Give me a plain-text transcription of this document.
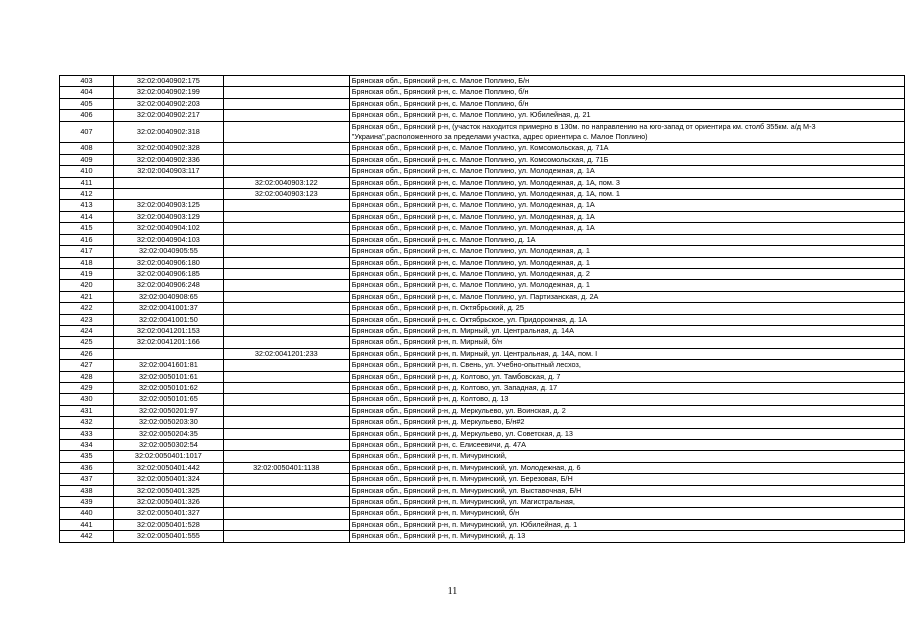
403	32:02:0040902:175		Брянская обл., Брянский р-н, с. Малое Поплино, Б/н
404	32:02:0040902:199		Брянская обл., Брянский р-н, с. Малое Поплино, б/н
405	32:02:0040902:203		Брянская обл., Брянский р-н, с. Малое Поплино, б/н
406	32:02:0040902:217		Брянская обл., Брянский р-н, с. Малое Поплино, ул. Юбилейная, д. 21
407	32:02:0040902:318		Брянская обл., Брянский р-н, (участок находится примерно в 130м. по направлению на юго-запад от ориентира км. столб 355км. а/д М-3 "Украина",расположенного за пределами участка, адрес ориентира с. Малое Поплино)
408	32:02:0040902:328		Брянская обл., Брянский р-н, с. Малое Поплино, ул. Комсомольская, д. 71А
409	32:02:0040902:336		Брянская обл., Брянский р-н, с. Малое Поплино, ул. Комсомольская, д. 71Б
410	32:02:0040903:117		Брянская обл., Брянский р-н, с. Малое Поплино, ул. Молодежная, д. 1А
411		32:02:0040903:122	Брянская обл., Брянский р-н, с. Малое Поплино, ул. Молодежная, д. 1А, пом. 3
412		32:02:0040903:123	Брянская обл., Брянский р-н, с. Малое Поплино, ул. Молодежная, д. 1А, пом. 1
413	32:02:0040903:125		Брянская обл., Брянский р-н, с. Малое Поплино, ул. Молодежная, д. 1А
414	32:02:0040903:129		Брянская обл., Брянский р-н, с. Малое Поплино, ул. Молодежная, д. 1А
415	32:02:0040904:102		Брянская обл., Брянский р-н, с. Малое Поплино, ул. Молодежная, д. 1А
416	32:02:0040904:103		Брянская обл., Брянский р-н, с. Малое Поплино, д. 1А
417	32:02:0040905:55		Брянская обл., Брянский р-н, с. Малое Поплино, ул. Молодежная, д. 1
418	32:02:0040906:180		Брянская обл., Брянский р-н, с. Малое Поплино, ул. Молодежная, д. 1
419	32:02:0040906:185		Брянская обл., Брянский р-н, с. Малое Поплино, ул. Молодежная, д. 2
420	32:02:0040906:248		Брянская обл., Брянский р-н, с. Малое Поплино, ул. Молодежная, д. 1
421	32:02:0040908:65		Брянская обл., Брянский р-н, с. Малое Поплино, ул. Партизанская, д. 2А
422	32:02:0041001:37		Брянская обл., Брянский р-н, п. Октябрьский, д. 25
423	32:02:0041001:50		Брянская обл., Брянский р-н, с. Октябрьское, ул. Придорожная, д. 1А
424	32:02:0041201:153		Брянская обл., Брянский р-н, п. Мирный, ул. Центральная, д. 14А
425	32:02:0041201:166		Брянская обл., Брянский р-н, п. Мирный, б/н
426		32:02:0041201:233	Брянская обл., Брянский р-н, п. Мирный, ул. Центральная, д. 14А, пом. I
427	32:02:0041601:81		Брянская обл., Брянский р-н, п. Свень, ул. Учебно-опытный лесхоз,
428	32:02:0050101:61		Брянская обл., Брянский р-н, д. Колтово, ул. Тамбовская, д. 7
429	32:02:0050101:62		Брянская обл., Брянский р-н, д. Колтово, ул. Западная, д. 17
430	32:02:0050101:65		Брянская обл., Брянский р-н, д. Колтово, д. 13
431	32:02:0050201:97		Брянская обл., Брянский р-н, д. Меркульево, ул. Воинская, д. 2
432	32:02:0050203:30		Брянская обл., Брянский р-н, д. Меркульево, Б/н#2
433	32:02:0050204:35		Брянская обл., Брянский р-н, д. Меркульево, ул. Советская, д. 13
434	32:02:0050302:54		Брянская обл., Брянский р-н, с. Елисеевичи, д. 47А
435	32:02:0050401:1017		Брянская обл., Брянский р-н, п. Мичуринский,
436	32:02:0050401:442	32:02:0050401:1138	Брянская обл., Брянский р-н, п. Мичуринский, ул. Молодежная, д. 6
437	32:02:0050401:324		Брянская обл., Брянский р-н, п. Мичуринский, ул. Березовая, Б/Н
438	32:02:0050401:325		Брянская обл., Брянский р-н, п. Мичуринский, ул. Выставочная, Б/Н
439	32:02:0050401:326		Брянская обл., Брянский р-н, п. Мичуринский, ул. Магистральная,
440	32:02:0050401:327		Брянская обл., Брянский р-н, п. Мичуринский, б/н
441	32:02:0050401:528		Брянская обл., Брянский р-н, п. Мичуринский, ул. Юбилейная, д. 1
442	32:02:0050401:555		Брянская обл., Брянский р-н, п. Мичуринский, д. 13
11
